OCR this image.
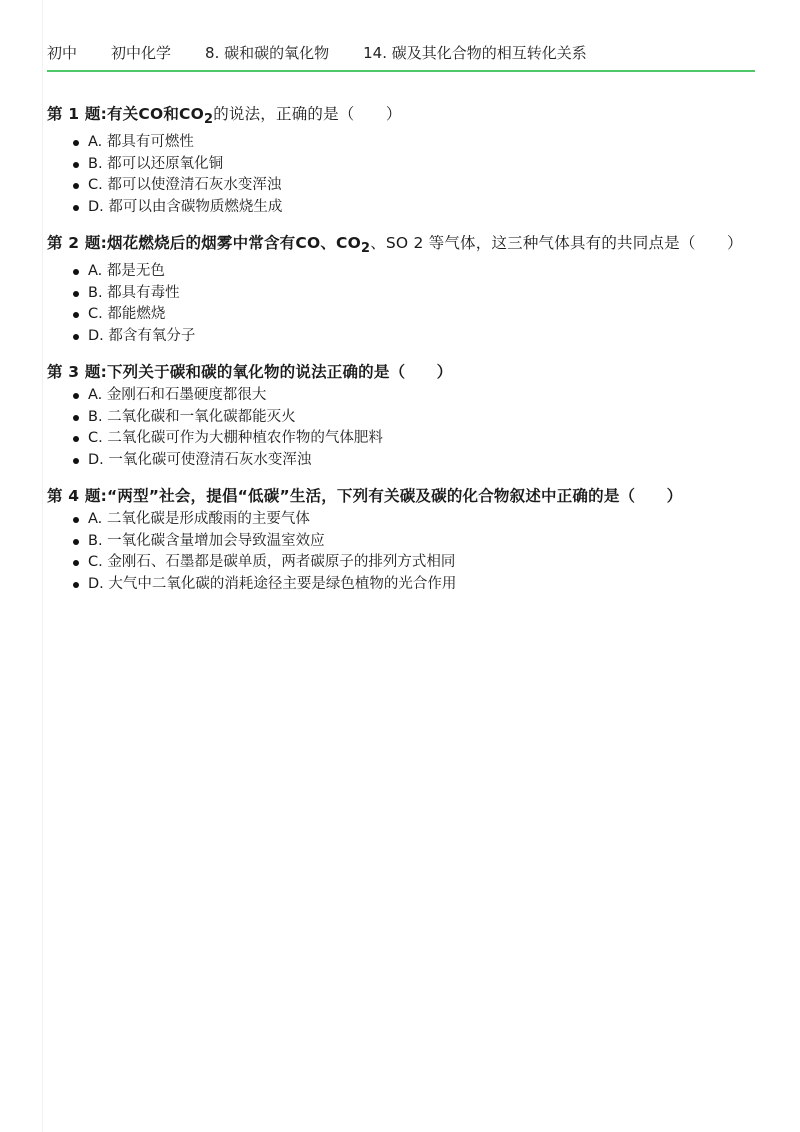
初中 初中化学 8. 碳和碳的氧化物 14. 碳及其化合物的相互转化关系
第 1 题:有关CO和$CO_2$的说法，正确的是（　　）
A. 都具有可燃性
B. 都可以还原氧化铜
C. 都可以使澄清石灰水变浑浊
D. 都可以由含碳物质燃烧生成
第 2 题:烟花燃烧后的烟雾中常含有CO、$CO_2$、SO 2 等气体，这三种气体具有的共同点是（　　）
A. 都是无色
B. 都具有毒性
C. 都能燃烧
D. 都含有氧分子
第 3 题:下列关于碳和碳的氧化物的说法正确的是（　　）
A. 金刚石和石墨硬度都很大
B. 二氧化碳和一氧化碳都能灭火
C. 二氧化碳可作为大棚种植农作物的气体肥料
D. 一氧化碳可使澄清石灰水变浑浊
第 4 题:“两型”社会，提倡“低碳”生活，下列有关碳及碳的化合物叙述中正确的是（　　）
A. 二氧化碳是形成酸雨的主要气体
B. 一氧化碳含量增加会导致温室效应
C. 金刚石、石墨都是碳单质，两者碳原子的排列方式相同
D. 大气中二氧化碳的消耗途径主要是绿色植物的光合作用
